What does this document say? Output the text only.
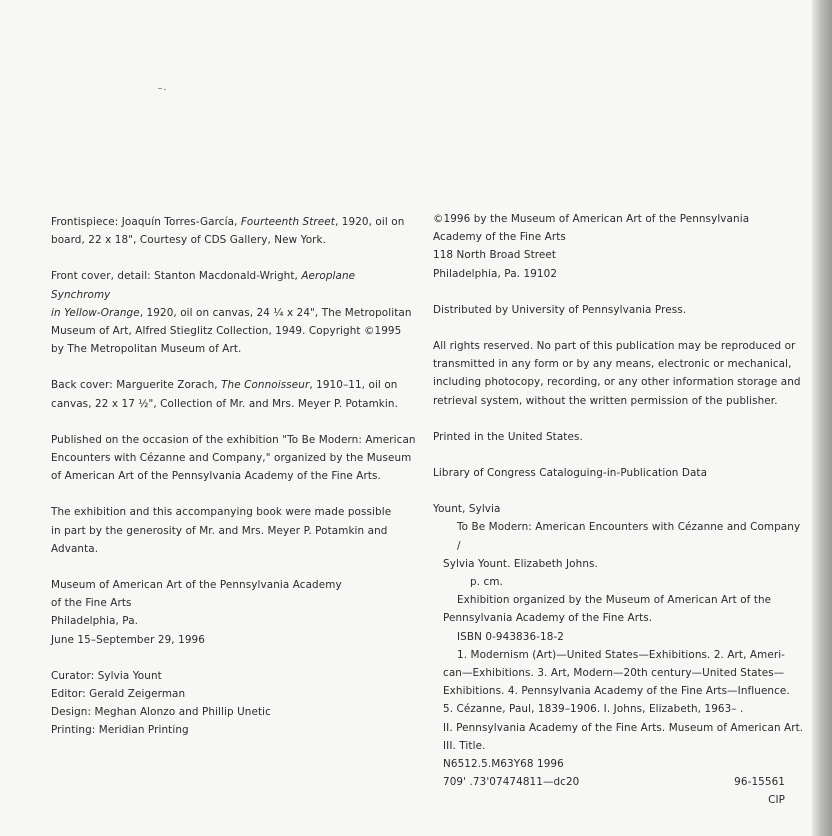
Frontispiece: Joaquín Torres-García, Fourteenth Street, 1920, oil on

board, 22 x 18", Courtesy of CDS Gallery, New York.

Front cover, detail: Stanton Macdonald-Wright, Aeroplane Synchromy

in Yellow-Orange, 1920, oil on canvas, 24 ¼ x 24", The Metropolitan

Museum of Art, Alfred Stieglitz Collection, 1949. Copyright ©1995

by The Metropolitan Museum of Art.

Back cover: Marguerite Zorach, The Connoisseur, 1910–11, oil on

canvas, 22 x 17 ½", Collection of Mr. and Mrs. Meyer P. Potamkin.

Published on the occasion of the exhibition "To Be Modern: American

Encounters with Cézanne and Company," organized by the Museum

of American Art of the Pennsylvania Academy of the Fine Arts.

The exhibition and this accompanying book were made possible

in part by the generosity of Mr. and Mrs. Meyer P. Potamkin and

Advanta.

Museum of American Art of the Pennsylvania Academy

of the Fine Arts

Philadelphia, Pa.

June 15–September 29, 1996

Curator: Sylvia Yount

Editor: Gerald Zeigerman

Design: Meghan Alonzo and Phillip Unetic

Printing: Meridian Printing

©1996 by the Museum of American Art of the Pennsylvania

Academy of the Fine Arts

118 North Broad Street

Philadelphia, Pa. 19102

Distributed by University of Pennsylvania Press.

All rights reserved. No part of this publication may be reproduced or

transmitted in any form or by any means, electronic or mechanical,

including photocopy, recording, or any other information storage and

retrieval system, without the written permission of the publisher.

Printed in the United States.

Library of Congress Cataloguing-in-Publication Data

Yount, Sylvia

To Be Modern: American Encounters with Cézanne and Company /

Sylvia Yount. Elizabeth Johns.

p. cm.

Exhibition organized by the Museum of American Art of the

Pennsylvania Academy of the Fine Arts.

ISBN 0-943836-18-2

1. Modernism (Art)—United States—Exhibitions. 2. Art, Ameri-

can—Exhibitions. 3. Art, Modern—20th century—United States—

Exhibitions. 4. Pennsylvania Academy of the Fine Arts—Influence.

5. Cézanne, Paul, 1839–1906. I. Johns, Elizabeth, 1963– .

II. Pennsylvania Academy of the Fine Arts. Museum of American Art.

III. Title.

N6512.5.M63Y68 1996

709' .73'07474811—dc20	96-15561

CIP
